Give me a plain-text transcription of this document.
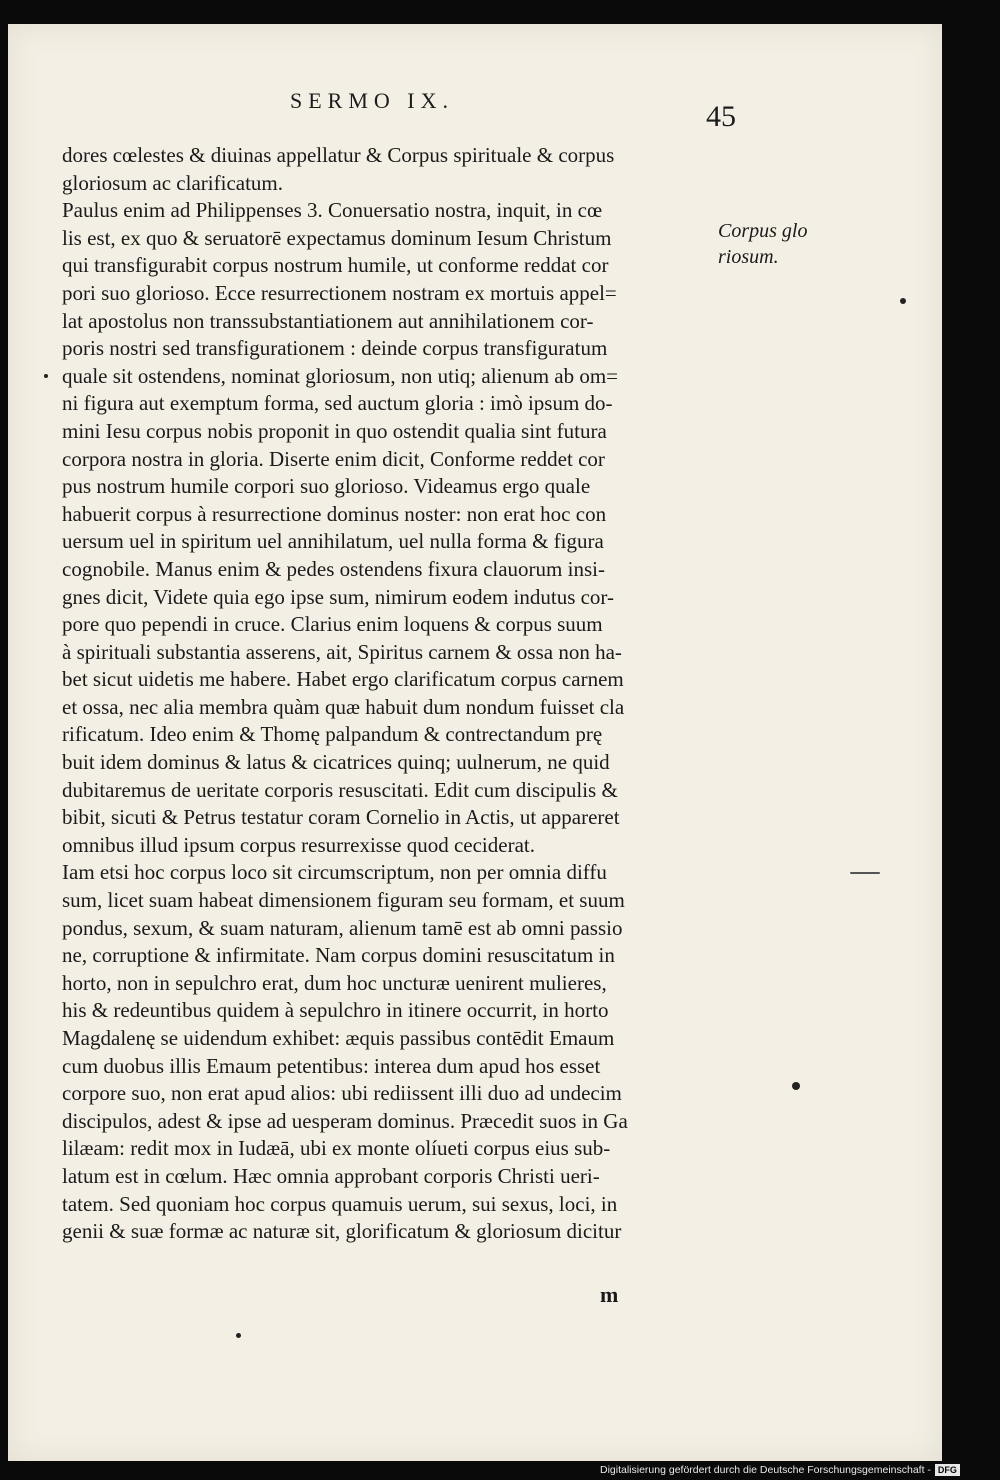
SERMO IX.	45
Corpus glo
riosum.
dores cœlestes & diuinas appellatur & Corpus spirituale & corpus
gloriosum ac clarificatum.
Paulus enim ad Philippenses 3. Conuersatio nostra, inquit, in cœ
lis est, ex quo & seruatorē expectamus dominum Iesum Christum
qui transfigurabit corpus nostrum humile, ut conforme reddat cor
pori suo glorioso. Ecce resurrectionem nostram ex mortuis appel=
lat apostolus non transsubstantiationem aut annihilationem cor-
poris nostri sed transfigurationem : deinde corpus transfiguratum
quale sit ostendens, nominat gloriosum, non utiq; alienum ab om=
ni figura aut exemptum forma, sed auctum gloria : imò ipsum do-
mini Iesu corpus nobis proponit in quo ostendit qualia sint futura
corpora nostra in gloria. Diserte enim dicit, Conforme reddet cor
pus nostrum humile corpori suo glorioso. Videamus ergo quale
habuerit corpus à resurrectione dominus noster: non erat hoc con
uersum uel in spiritum uel annihilatum, uel nulla forma & figura
cognobile. Manus enim & pedes ostendens fixura clauorum insi-
gnes dicit, Videte quia ego ipse sum, nimirum eodem indutus cor-
pore quo pependi in cruce. Clarius enim loquens & corpus suum
à spirituali substantia asserens, ait, Spiritus carnem & ossa non ha-
bet sicut uidetis me habere. Habet ergo clarificatum corpus carnem
et ossa, nec alia membra quàm quæ habuit dum nondum fuisset cla
rificatum. Ideo enim & Thomę palpandum & contrectandum prę
buit idem dominus & latus & cicatrices quinq; uulnerum, ne quid
dubitaremus de ueritate corporis resuscitati. Edit cum discipulis &
bibit, sicuti & Petrus testatur coram Cornelio in Actis, ut appareret
omnibus illud ipsum corpus resurrexisse quod ceciderat.
Iam etsi hoc corpus loco sit circumscriptum, non per omnia diffu
sum, licet suam habeat dimensionem figuram seu formam, et suum
pondus, sexum, & suam naturam, alienum tamē est ab omni passio
ne, corruptione & infirmitate. Nam corpus domini resuscitatum in
horto, non in sepulchro erat, dum hoc uncturæ uenirent mulieres,
his & redeuntibus quidem à sepulchro in itinere occurrit, in horto
Magdalenę se uidendum exhibet: æquis passibus contēdit Emaum
cum duobus illis Emaum petentibus: interea dum apud hos esset
corpore suo, non erat apud alios: ubi rediissent illi duo ad undecim
discipulos, adest & ipse ad uesperam dominus. Præcedit suos in Ga
lilæam: redit mox in Iudæā, ubi ex monte olíueti corpus eius sub-
latum est in cœlum. Hæc omnia approbant corporis Christi ueri-
tatem. Sed quoniam hoc corpus quamuis uerum, sui sexus, loci, in
genii & suæ formæ ac naturæ sit, glorificatum & gloriosum dicitur
m
Digitalisierung gefördert durch die Deutsche Forschungsgemeinschaft - DFG
